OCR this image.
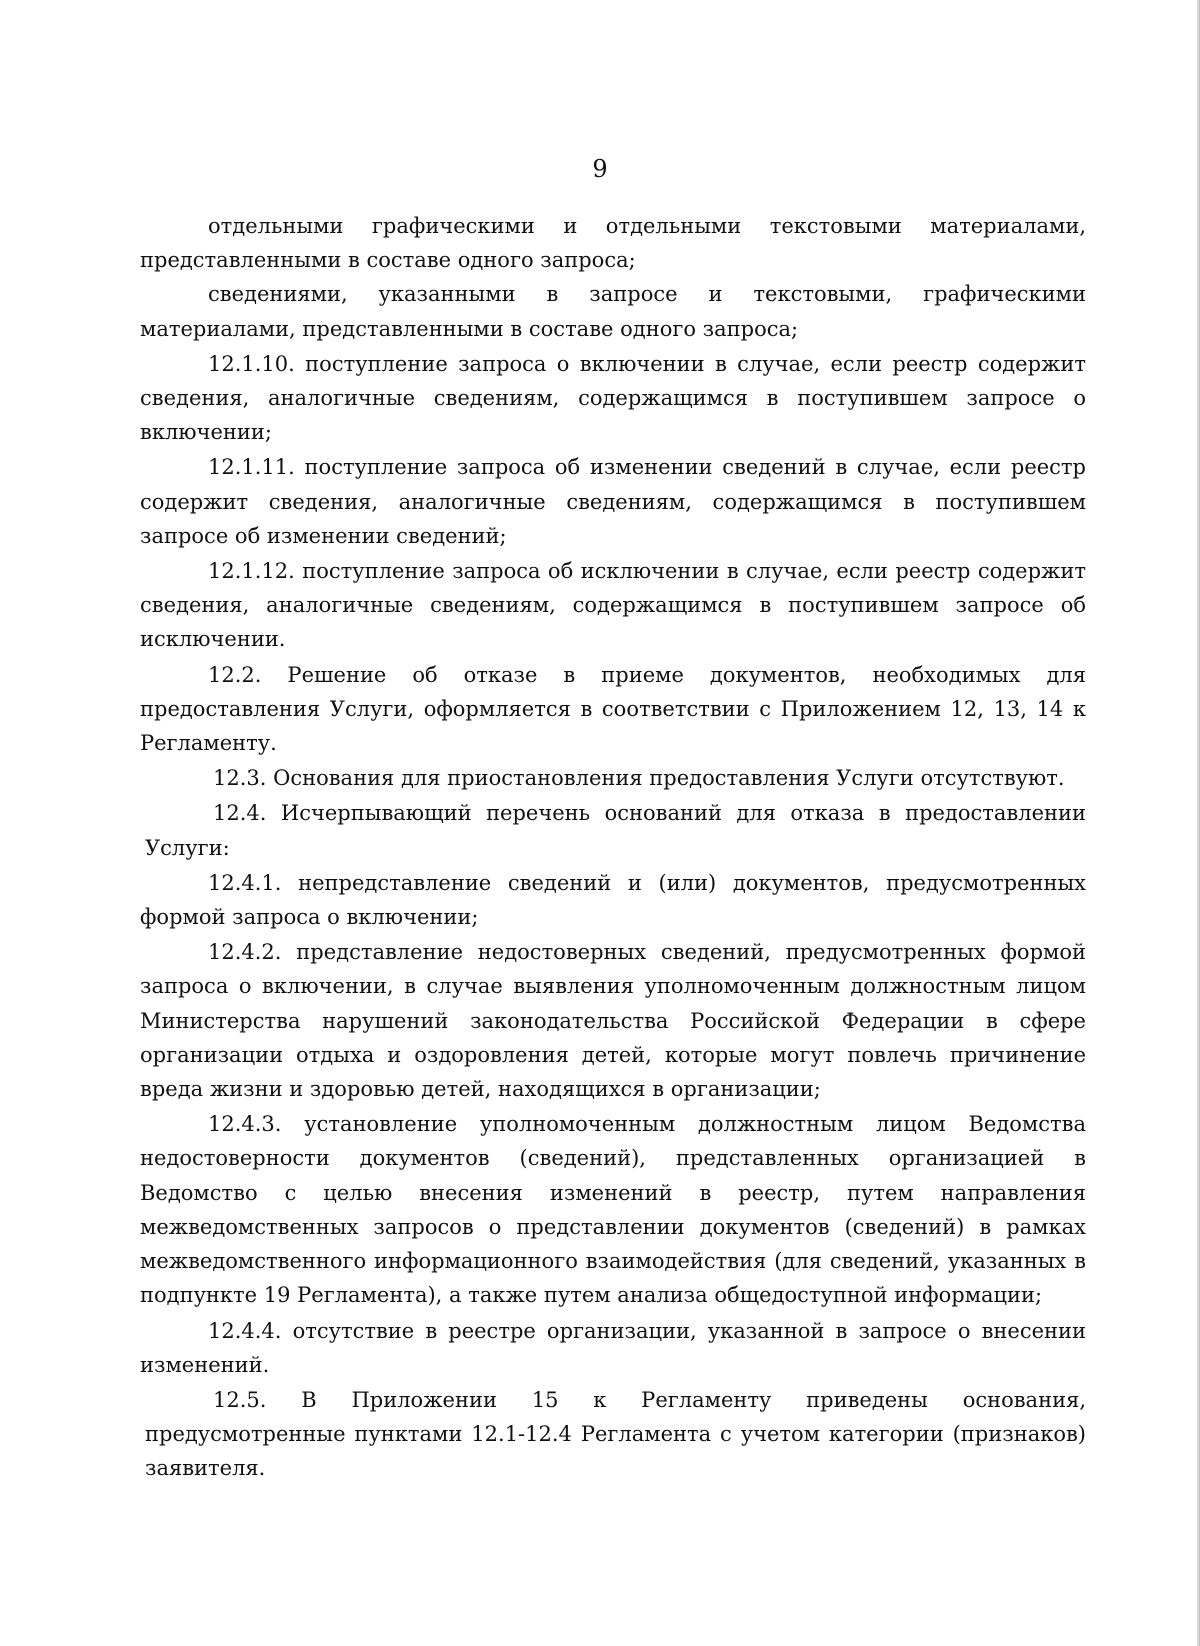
9

отдельными графическими и отдельными текстовыми материалами, представленными в составе одного запроса;

сведениями, указанными в запросе и текстовыми, графическими материалами, представленными в составе одного запроса;

12.1.10. поступление запроса о включении в случае, если реестр содержит сведения, аналогичные сведениям, содержащимся в поступившем запросе о включении;

12.1.11. поступление запроса об изменении сведений в случае, если реестр содержит сведения, аналогичные сведениям, содержащимся в поступившем запросе об изменении сведений;

12.1.12. поступление запроса об исключении в случае, если реестр содержит сведения, аналогичные сведениям, содержащимся в поступившем запросе об исключении.

12.2. Решение об отказе в приеме документов, необходимых для предоставления Услуги, оформляется в соответствии с Приложением 12, 13, 14 к Регламенту.

12.3. Основания для приостановления предоставления Услуги отсутствуют.

12.4. Исчерпывающий перечень оснований для отказа в предоставлении Услуги:

12.4.1. непредставление сведений и (или) документов, предусмотренных формой запроса о включении;

12.4.2. представление недостоверных сведений, предусмотренных формой запроса о включении, в случае выявления уполномоченным должностным лицом Министерства нарушений законодательства Российской Федерации в сфере организации отдыха и оздоровления детей, которые могут повлечь причинение вреда жизни и здоровью детей, находящихся в организации;

12.4.3. установление уполномоченным должностным лицом Ведомства недостоверности документов (сведений), представленных организацией в Ведомство с целью внесения изменений в реестр, путем направления межведомственных запросов о представлении документов (сведений) в рамках межведомственного информационного взаимодействия (для сведений, указанных в подпункте 19 Регламента), а также путем анализа общедоступной информации;

12.4.4. отсутствие в реестре организации, указанной в запросе о внесении изменений.

12.5. В Приложении 15 к Регламенту приведены основания, предусмотренные пунктами 12.1-12.4 Регламента с учетом категории (признаков) заявителя.
